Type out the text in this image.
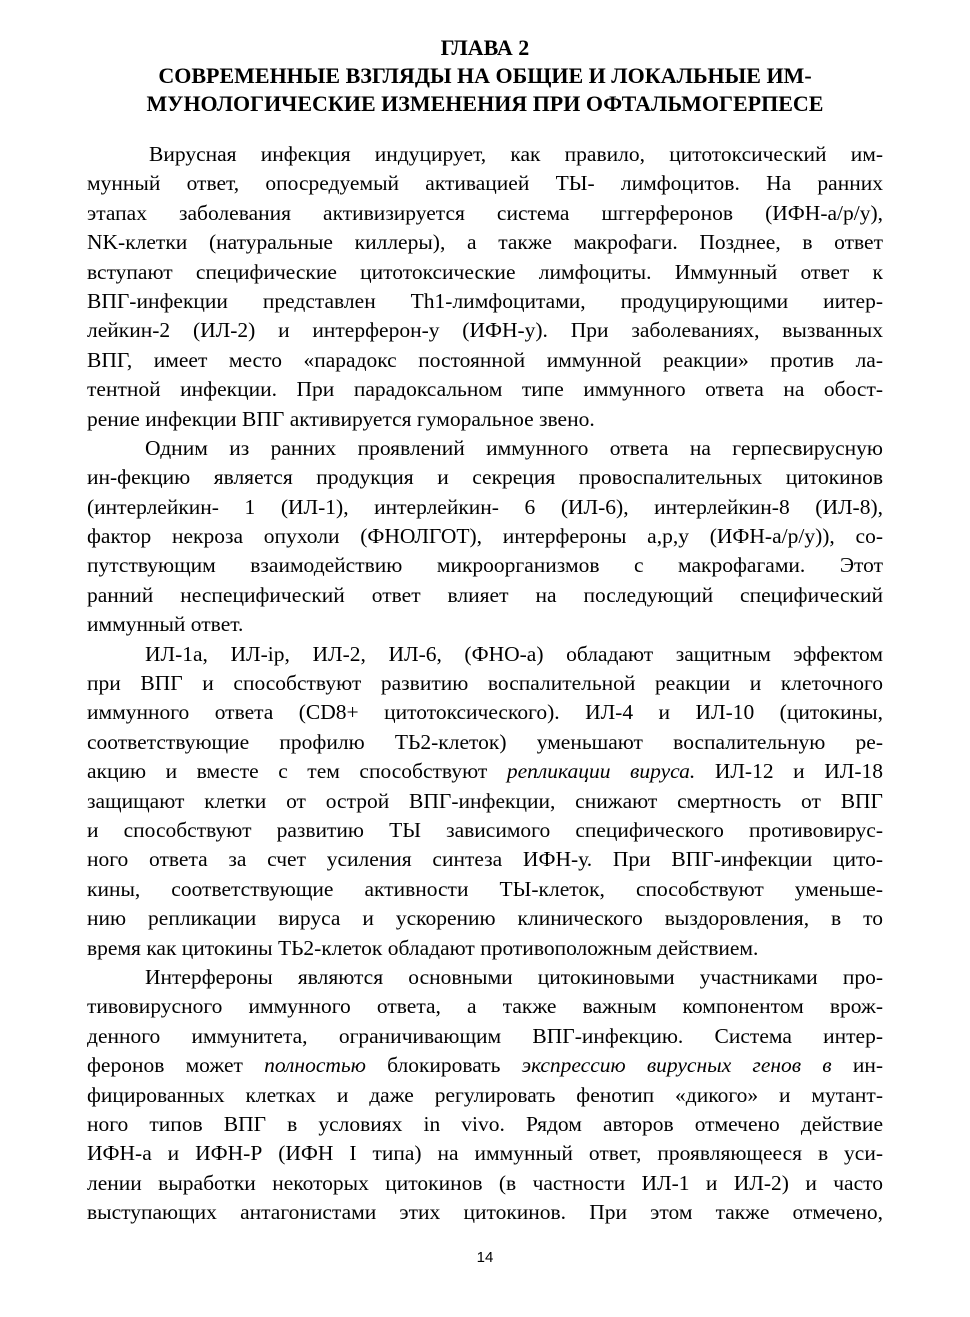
ГЛАВА 2
СОВРЕМЕННЫЕ ВЗГЛЯДЫ НА ОБЩИЕ И ЛОКАЛЬНЫЕ ИМ-
МУНОЛОГИЧЕСКИЕ ИЗМЕНЕНИЯ ПРИ ОФТАЛЬМОГЕРПЕСЕ
Вирусная инфекция индуцирует, как правило, цитотоксический им-
мунный ответ, опосредуемый активацией ТЫ- лимфоцитов. На ранних
этапах заболевания активизируется система шггерферонов (ИФН-а/р/у),
NK-клетки (натуральные киллеры), а также макрофаги. Позднее, в ответ
вступают специфические цитотоксические лимфоциты. Иммунный ответ к
ВПГ-инфекции представлен Th1-лимфоцитами, продуцирующими иитер-
лейкин-2 (ИЛ-2) и интерферон-у (ИФН-у). При заболеваниях, вызванных
ВПГ, имеет место «парадокс постоянной иммунной реакции» против ла-
тентной инфекции. При парадоксальном типе иммунного ответа на обост-
рение инфекции ВПГ активируется гуморальное звено.
Одним из ранних проявлений иммунного ответа на герпесвирусную
ин-фекцию является продукция и секреция провоспалительных цитокинов
(интерлейкин- 1 (ИЛ-1), интерлейкин- 6 (ИЛ-6), интерлейкин-8 (ИЛ-8),
фактор некроза опухоли (ФНОЛГОТ), интерфероны а,р,у (ИФН-а/р/у)), со-
путствующим взаимодействию микроорганизмов с макрофагами. Этот
ранний неспецифический ответ влияет на последующий специфический
иммунный ответ.
ИЛ-1а, ИЛ-iр, ИЛ-2, ИЛ-6, (ФНО-а) обладают защитным эффектом
при ВПГ и способствуют развитию воспалительной реакции и клеточного
иммунного ответа (CD8+ цитотоксического). ИЛ-4 и ИЛ-10 (цитокины,
соответствующие профилю ТЬ2-клеток) уменьшают воспалительную ре-
акцию и вместе с тем способствуют репликации вируса. ИЛ-12 и ИЛ-18
защищают клетки от острой ВПГ-инфекции, снижают смертность от ВПГ
и способствуют развитию ТЫ зависимого специфического противовирус-
ного ответа за счет усиления синтеза ИФН-у. При ВПГ-инфекции цито-
кины, соответствующие активности ТЫ-клеток, способствуют уменьше-
нию репликации вируса и ускорению клинического выздоровления, в то
время как цитокины ТЬ2-клеток обладают противоположным действием.
Интерфероны являются основными цитокиновыми участниками про-
тивовирусного иммунного ответа, а также важным компонентом врож-
денного иммунитета, ограничивающим ВПГ-инфекцию. Система интер-
феронов может полностью блокировать экспрессию вирусных генов в ин-
фицированных клетках и даже регулировать фенотип «дикого» и мутант-
ного типов ВПГ в условиях in vivo. Рядом авторов отмечено действие
ИФН-а и ИФН-Р (ИФН I типа) на иммунный ответ, проявляющееся в уси-
лении выработки некоторых цитокинов (в частности ИЛ-1 и ИЛ-2) и часто
выступающих антагонистами этих цитокинов. При этом также отмечено,
14
